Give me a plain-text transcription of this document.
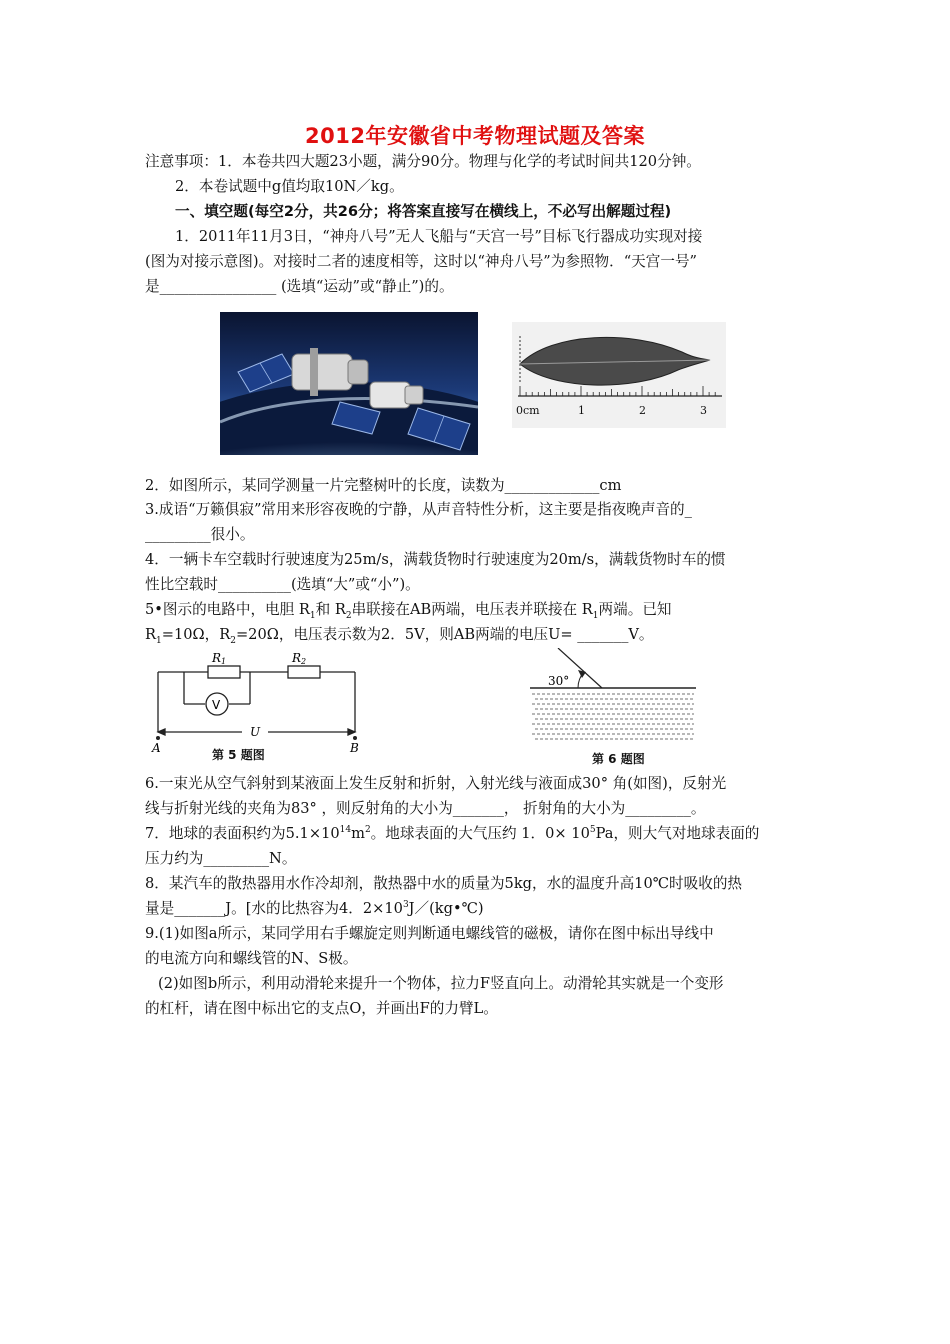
2012年安徽省中考物理试题及答案
注意事项：1．本卷共四大题23小题，满分90分。物理与化学的考试时间共120分钟。
2．本卷试题中g值均取10N／kg。
一、填空题(每空2分，共26分；将答案直接写在横线上，不必写出解题过程)
1．2011年11月3日，“神舟八号”无人飞船与“天宫一号”目标飞行器成功实现对接
(图为对接示意图)。对接时二者的速度相等，这时以“神舟八号”为参照物．“天宫一号”
是________________ (选填“运动”或“静止”)的。
0cm	1	2	3
2．如图所示，某同学测量一片完整树叶的长度，读数为_____________cm
3.成语“万籁俱寂”常用来形容夜晚的宁静，从声音特性分析，这主要是指夜晚声音的_
_________很小。
4．一辆卡车空载时行驶速度为25m/s，满载货物时行驶速度为20m/s，满载货物时车的惯
性比空载时__________(选填“大”或“小”)。
5•图示的电路中，电胆 $R_1$和 $R_2$串联接在AB两端，电压表并联接在 $R_1$两端。已知
$R_1=10\Omega$，$R_2=20\Omega$，电压表示数为2．5V，则AB两端的电压U= _______V。
R1	R2
V
U
A	B
第 5 题图
30°
第 6 题图
6.一束光从空气斜射到某液面上发生反射和折射，入射光线与液面成30° 角(如图)，反射光
线与折射光线的夹角为83° ，则反射角的大小为_______， 折射角的大小为_________。
7．地球的表面积约为$5.1\times 10^{14}m^2$。地球表面的大气压约 1．$0\times 10^5Pa$，则大气对地球表面的
压力约为_________N。
8．某汽车的散热器用水作冷却剂，散热器中水的质量为5kg，水的温度升高10℃时吸收的热
量是_______J。[水的比热容为4．$2\times 10^3J/(kg•℃)$
9.(1)如图a所示，某同学用右手螺旋定则判断通电螺线管的磁极，请你在图中标出导线中
的电流方向和螺线管的N、S极。
(2)如图b所示，利用动滑轮来提升一个物体，拉力F竖直向上。动滑轮其实就是一个变形
的杠杆，请在图中标出它的支点O，并画出F的力臂L。
